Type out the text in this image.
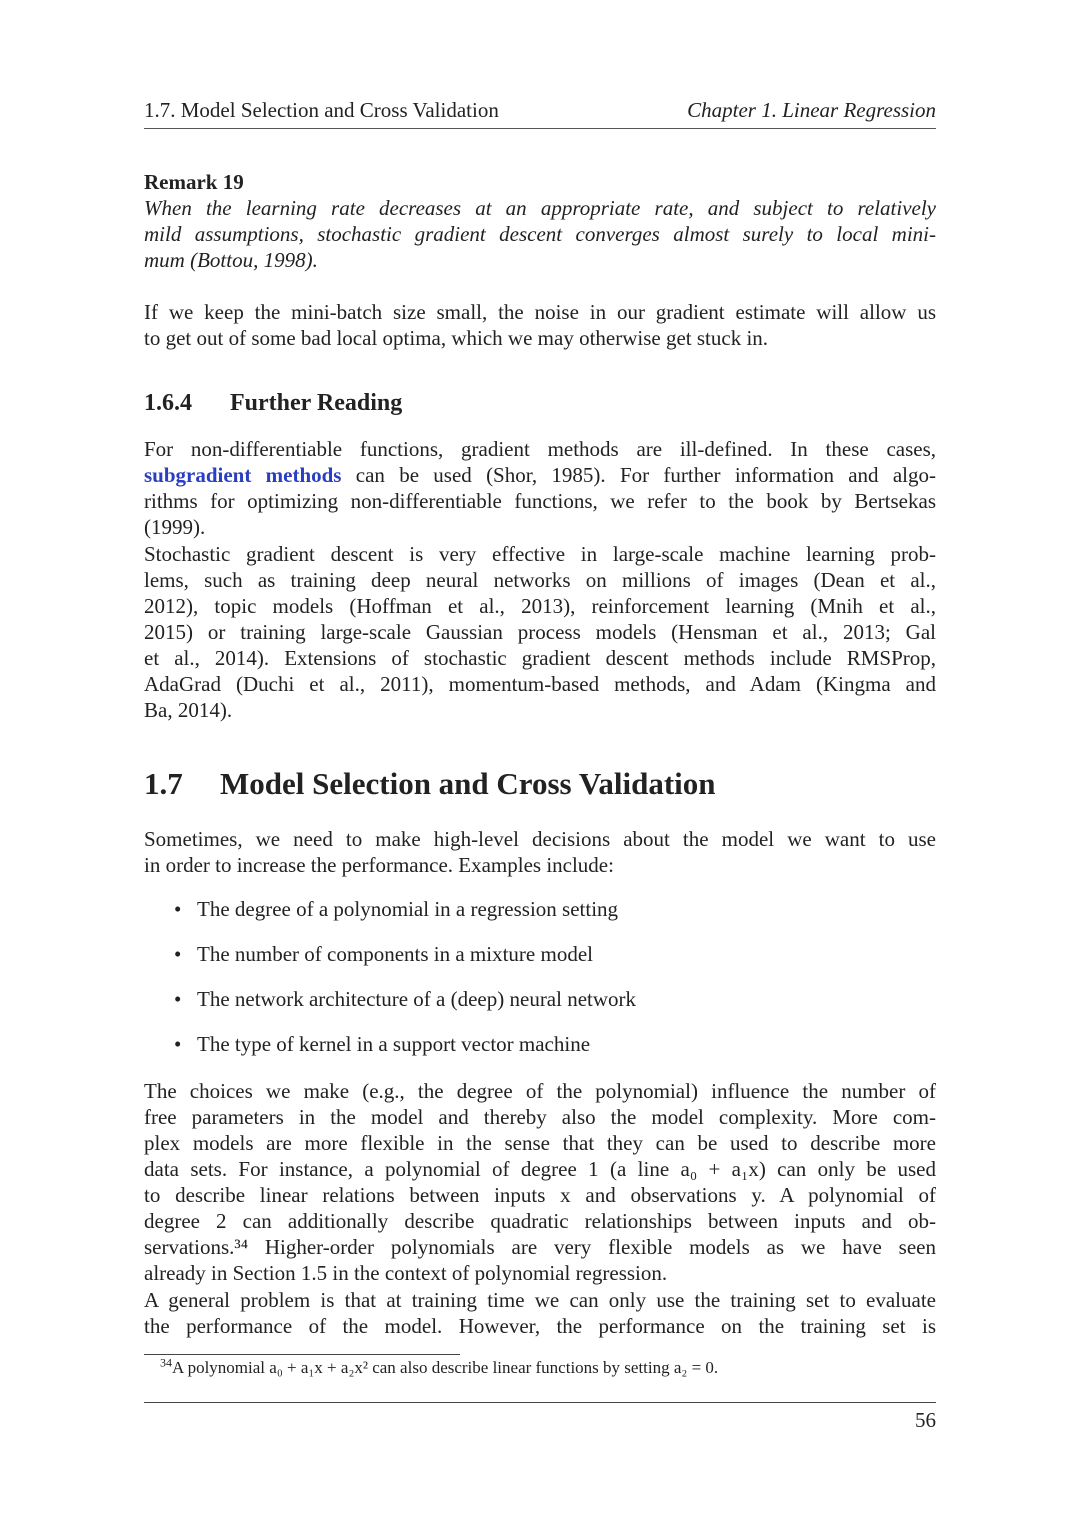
1.7. Model Selection and Cross Validation	Chapter 1. Linear Regression
Remark 19
When the learning rate decreases at an appropriate rate, and subject to relatively
mild assumptions, stochastic gradient descent converges almost surely to local mini-
mum (Bottou, 1998).
If we keep the mini-batch size small, the noise in our gradient estimate will allow us
to get out of some bad local optima, which we may otherwise get stuck in.
1.6.4 Further Reading
For non-differentiable functions, gradient methods are ill-defined. In these cases,
subgradient methods can be used (Shor, 1985). For further information and algo-
rithms for optimizing non-differentiable functions, we refer to the book by Bertsekas
(1999).
Stochastic gradient descent is very effective in large-scale machine learning prob-
lems, such as training deep neural networks on millions of images (Dean et al.,
2012), topic models (Hoffman et al., 2013), reinforcement learning (Mnih et al.,
2015) or training large-scale Gaussian process models (Hensman et al., 2013; Gal
et al., 2014). Extensions of stochastic gradient descent methods include RMSProp,
AdaGrad (Duchi et al., 2011), momentum-based methods, and Adam (Kingma and
Ba, 2014).
1.7 Model Selection and Cross Validation
Sometimes, we need to make high-level decisions about the model we want to use
in order to increase the performance. Examples include:
• The degree of a polynomial in a regression setting
• The number of components in a mixture model
• The network architecture of a (deep) neural network
• The type of kernel in a support vector machine
The choices we make (e.g., the degree of the polynomial) influence the number of
free parameters in the model and thereby also the model complexity. More com-
plex models are more flexible in the sense that they can be used to describe more
data sets. For instance, a polynomial of degree 1 (a line a₀ + a₁x) can only be used
to describe linear relations between inputs x and observations y. A polynomial of
degree 2 can additionally describe quadratic relationships between inputs and ob-
servations.³⁴ Higher-order polynomials are very flexible models as we have seen
already in Section 1.5 in the context of polynomial regression.
A general problem is that at training time we can only use the training set to evaluate
the performance of the model. However, the performance on the training set is
$^{34}$A polynomial a₀ + a₁x + a₂x² can also describe linear functions by setting a₂ = 0.
56
